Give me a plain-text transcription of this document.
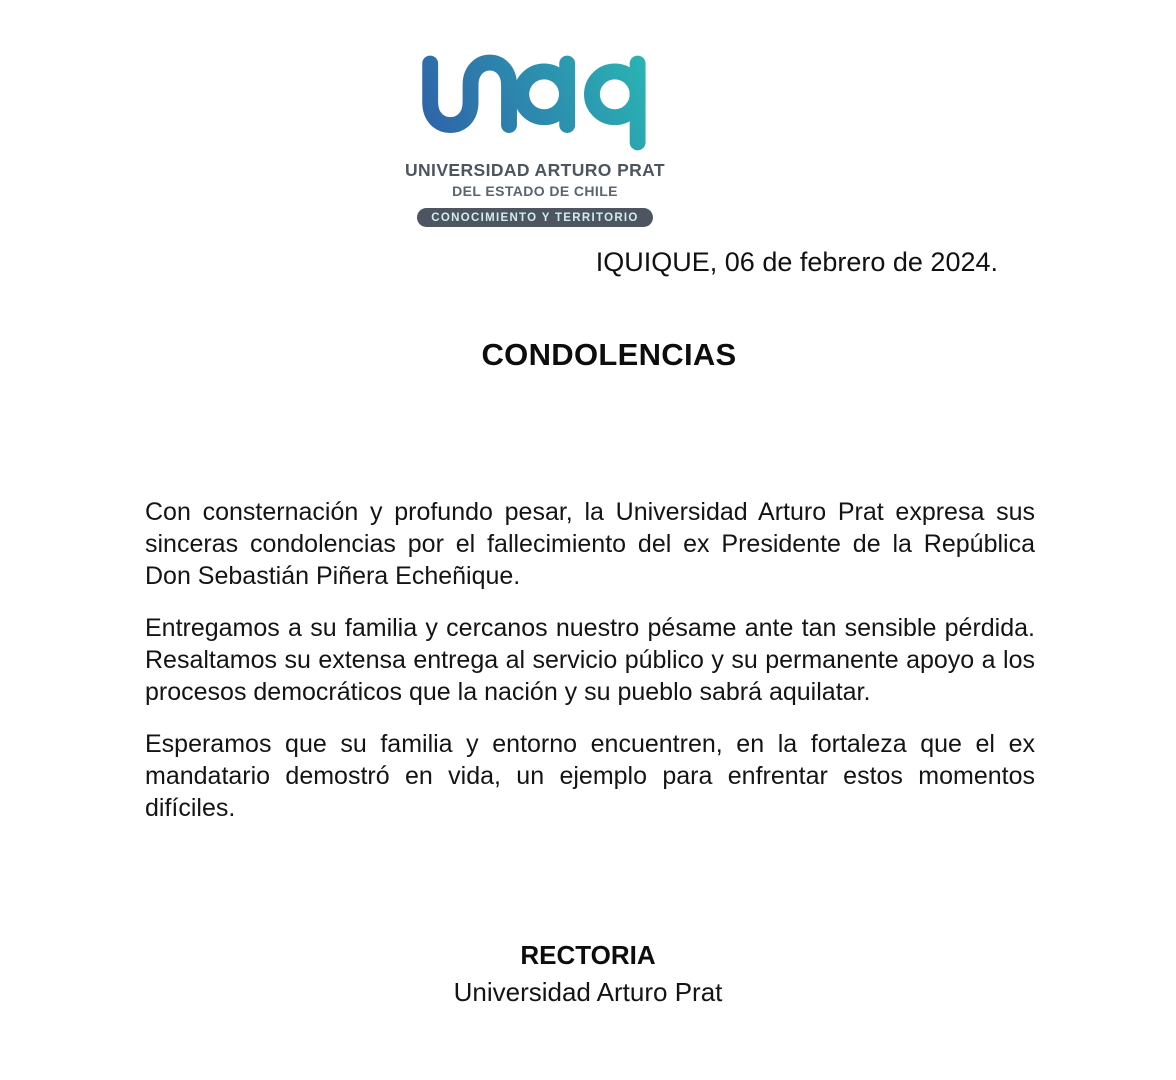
UNIVERSIDAD ARTURO PRAT
DEL ESTADO DE CHILE
CONOCIMIENTO Y TERRITORIO
IQUIQUE, 06 de febrero de 2024.
CONDOLENCIAS

Con consternación y profundo pesar, la Universidad Arturo Prat expresa sus sinceras condolencias por el fallecimiento del ex Presidente de la República Don Sebastián Piñera Echeñique.

Entregamos a su familia y cercanos nuestro pésame ante tan sensible pérdida. Resaltamos su extensa entrega al servicio público y su permanente apoyo a los procesos democráticos que la nación y su pueblo sabrá aquilatar.

Esperamos que su familia y entorno encuentren, en la fortaleza que el ex mandatario demostró en vida, un ejemplo para enfrentar estos momentos difíciles.

RECTORIA
Universidad Arturo Prat
